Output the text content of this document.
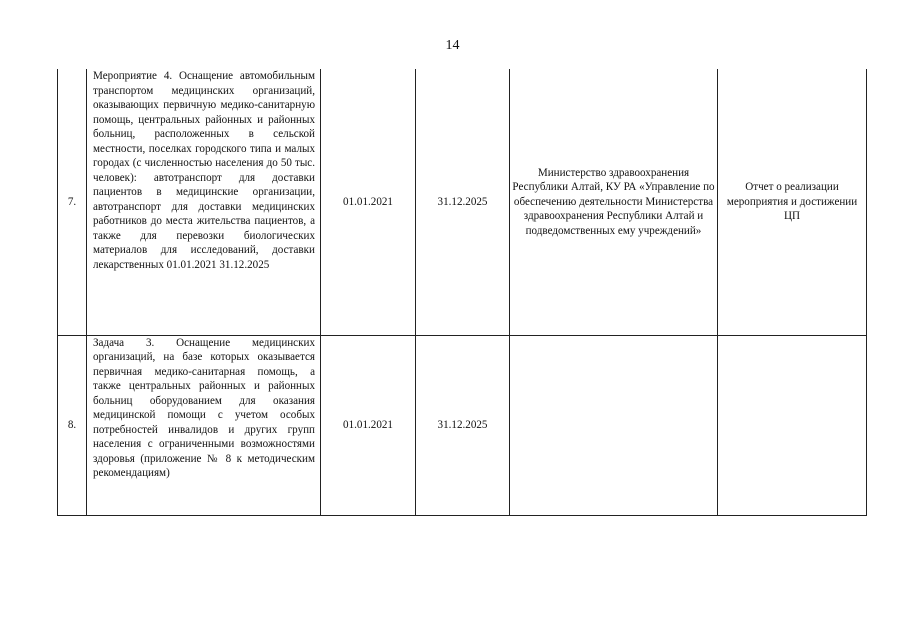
14
7.	Мероприятие 4. Оснащение автомобильным транспортом медицинских организаций, оказывающих первичную медико-санитарную помощь, центральных районных и районных больниц, расположенных в сельской местности, поселках городского типа и малых городах (с численностью населения до 50 тыс. человек): автотранспорт для доставки пациентов в медицинские организации, автотранспорт для доставки медицинских работников до места жительства пациентов, а также для перевозки биологических материалов для исследований, доставки лекарственных 01.01.2021 31.12.2025	01.01.2021	31.12.2025	Министерство здравоохранения Республики Алтай, КУ РА «Управление по обеспечению деятельности Министерства здравоохранения Республики Алтай и подведомственных ему учреждений»	Отчет о реализации мероприятия и достижении ЦП
8.	Задача 3. Оснащение медицинских организаций, на базе которых оказывается первичная медико-санитарная помощь, а также центральных районных и районных больниц оборудованием для оказания медицинской помощи с учетом особых потребностей инвалидов и других групп населения с ограниченными возможностями здоровья (приложение № 8 к методическим рекомендациям)	01.01.2021	31.12.2025		
